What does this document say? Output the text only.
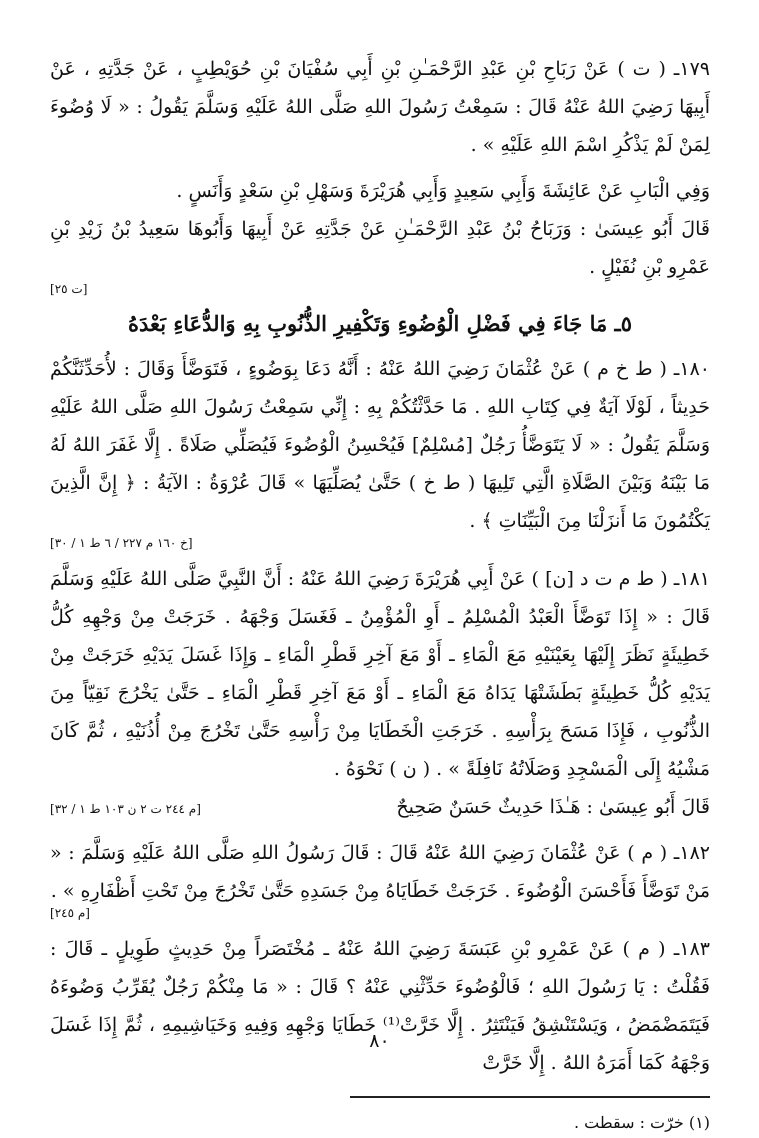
١٧٩ـ ( ت ) عَنْ رَبَاحِ بْنِ عَبْدِ الرَّحْمَـٰنِ بْنِ أَبِي سُفْيَانَ بْنِ حُوَيْطِبٍ ، عَنْ جَدَّتِهِ ، عَنْ أَبِيهَا رَضِيَ اللهُ عَنْهُ قَالَ : سَمِعْتُ رَسُولَ اللهِ صَلَّى اللهُ عَلَيْهِ وَسَلَّمَ يَقُولُ : « لَا وُضُوءَ لِمَنْ لَمْ يَذْكُرِ اسْمَ اللهِ عَلَيْهِ » .

وَفِي الْبَابِ عَنْ عَائِشَةَ وَأَبِي سَعِيدٍ وَأَبِي هُرَيْرَةَ وَسَهْلِ بْنِ سَعْدٍ وَأَنَسٍ .

قَالَ أَبُو عِيسَىٰ : وَرَبَاحُ بْنُ عَبْدِ الرَّحْمَـٰنِ عَنْ جَدَّتِهِ عَنْ أَبِيهَا وَأَبُوهَا سَعِيدُ بْنُ زَيْدِ بْنِ عَمْرِو بْنِ نُفَيْلٍ .

[ت ٢٥]
٥ـ مَا جَاءَ فِي فَضْلِ الْوُضُوءِ وَتَكْفِيرِ الذُّنُوبِ بِهِ وَالدُّعَاءِ بَعْدَهُ

١٨٠ـ ( ط خ م ) عَنْ عُثْمَانَ رَضِيَ اللهُ عَنْهُ : أَنَّهُ دَعَا بِوَضُوءٍ ، فَتَوَضَّأَ وَقَالَ : لأُحَدِّثَنَّكُمْ حَدِيثاً ، لَوْلَا آيَةٌ فِي كِتَابِ اللهِ . مَا حَدَّثْتُكُمْ بِهِ : إِنِّي سَمِعْتُ رَسُولَ اللهِ صَلَّى اللهُ عَلَيْهِ وَسَلَّمَ يَقُولُ : « لَا يَتَوَضَّأُ رَجُلٌ [مُسْلِمٌ] فَيُحْسِنُ الْوُضُوءَ فَيُصَلِّي صَلَاةً . إِلَّا غَفَرَ اللهُ لَهُ مَا بَيْنَهُ وَبَيْنَ الصَّلَاةِ الَّتِي تَلِيهَا ( ط خ ) حَتَّىٰ يُصَلِّيَهَا » قَالَ عُرْوَةُ : الآيَةُ : ﴿ إِنَّ الَّذِينَ يَكْتُمُونَ مَا أَنزَلْنَا مِنَ الْبَيِّنَاتِ ﴾ .

[خ ١٦٠ م ٢٢٧ / ٦ ط ١ / ٣٠]

١٨١ـ ( ط م ت د [ن] ) عَنْ أَبِي هُرَيْرَةَ رَضِيَ اللهُ عَنْهُ : أَنَّ النَّبِيَّ صَلَّى اللهُ عَلَيْهِ وَسَلَّمَ قَالَ : « إِذَا تَوَضَّأَ الْعَبْدُ الْمُسْلِمُ ـ أَوِ الْمُؤْمِنُ ـ فَغَسَلَ وَجْهَهُ . خَرَجَتْ مِنْ وَجْهِهِ كُلُّ خَطِيئَةٍ نَظَرَ إِلَيْهَا بِعَيْنَيْهِ مَعَ الْمَاءِ ـ أَوْ مَعَ آخِرِ قَطْرِ الْمَاءِ ـ وَإِذَا غَسَلَ يَدَيْهِ خَرَجَتْ مِنْ يَدَيْهِ كُلُّ خَطِيئَةٍ بَطَشَتْهَا يَدَاهُ مَعَ الْمَاءِ ـ أَوْ مَعَ آخِرِ قَطْرِ الْمَاءِ ـ حَتَّىٰ يَخْرُجَ نَقِيّاً مِنَ الذُّنُوبِ ، فَإِذَا مَسَحَ بِرَأْسِهِ . خَرَجَتِ الْخَطَايَا مِنْ رَأْسِهِ حَتَّىٰ تَخْرُجَ مِنْ أُذُنَيْهِ ، ثُمَّ كَانَ مَشْيُهُ إِلَى الْمَسْجِدِ وَصَلَاتُهُ نَافِلَةً » . ( ن ) نَحْوَهُ .

[م ٢٤٤ ت ٢ ن ١٠٣ ط ١ / ٣٢]	قَالَ أَبُو عِيسَىٰ : هَـٰذَا حَدِيثٌ حَسَنٌ صَحِيحٌ

١٨٢ـ ( م ) عَنْ عُثْمَانَ رَضِيَ اللهُ عَنْهُ قَالَ : قَالَ رَسُولُ اللهِ صَلَّى اللهُ عَلَيْهِ وَسَلَّمَ : « مَنْ تَوَضَّأَ فَأَحْسَنَ الْوُضُوءَ . خَرَجَتْ خَطَايَاهُ مِنْ جَسَدِهِ حَتَّىٰ تَخْرُجَ مِنْ تَحْتِ أَظْفَارِهِ » .

[م ٢٤٥]

١٨٣ـ ( م ) عَنْ عَمْرِو بْنِ عَبَسَةَ رَضِيَ اللهُ عَنْهُ ـ مُخْتَصَراً مِنْ حَدِيثٍ طَوِيلٍ ـ قَالَ : فَقُلْتُ : يَا رَسُولَ اللهِ ؛ فَالْوُضُوءَ حَدِّثْنِي عَنْهُ ؟ قَالَ : « مَا مِنْكُمْ رَجُلٌ يُقَرِّبُ وَضُوءَهُ فَيَتَمَضْمَضُ ، وَيَسْتَنْشِقُ فَيَنْتَثِرُ . إِلَّا خَرَّتْ⁽¹⁾ خَطَايَا وَجْهِهِ وَفِيهِ وَخَيَاشِيمِهِ ، ثُمَّ إِذَا غَسَلَ وَجْهَهُ كَمَا أَمَرَهُ اللهُ . إِلَّا خَرَّتْ

(١) خرّت : سقطت .
٨٠
